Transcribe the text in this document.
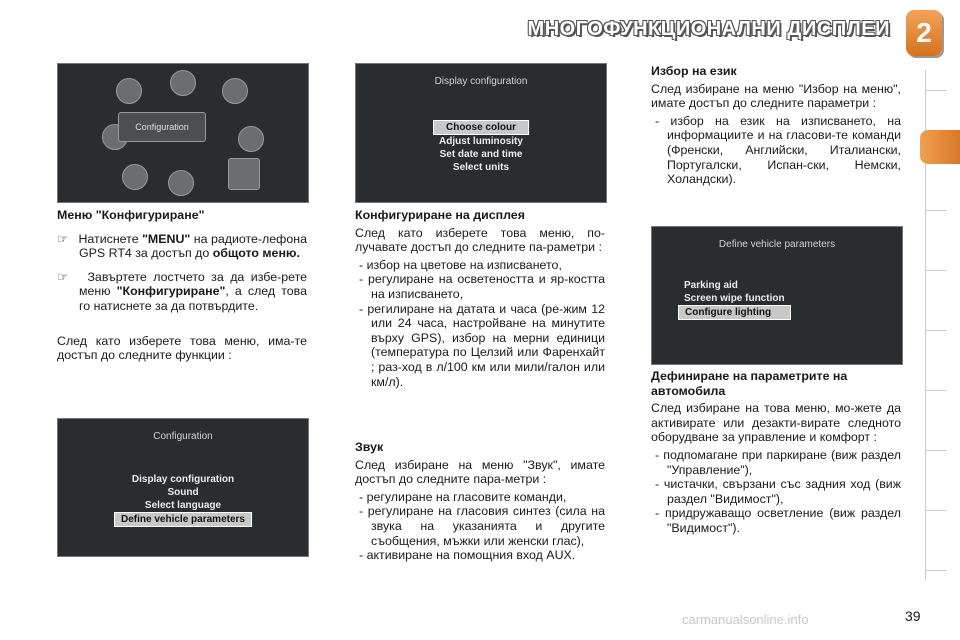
МНОГОФУНКЦИОНАЛНИ ДИСПЛЕИ 2
Configuration
Display configuration
Choose colour
Adjust luminosity
Set date and time
Select units
Configuration
Display configuration
Sound
Select language
Define vehicle parameters
Define vehicle parameters
Parking aid
Screen wipe function
Configure lighting
Меню "Конфигуриране"

☞ Натиснете "MENU" на радиоте-лефона GPS RT4 за достъп до общото меню.

☞ Завъртете лостчето за да избе-рете меню "Конфигуриране", а след това го натиснете за да потвърдите.

След като изберете това меню, има-те достъп до следните функции :

Конфигуриране на дисплея

След като изберете това меню, по-лучавате достъп до следните па-раметри :

- избор на цветове на изписването,

- регулиране на осветеността и яр-костта на изписването,

- регилиране на датата и часа (ре-жим 12 или 24 часа, настройване на минутите върху GPS), избор на мерни единици (температура по Целзий или Фаренхайт ; раз-ход в л/100 км или мили/галон или км/л).

Звук

След избиране на меню "Звук", имате достъп до следните пара-метри :

- регулиране на гласовите команди,

- регулиране на гласовия синтез (сила на звука на указанията и другите съобщения, мъжки или женски глас),

- активиране на помощния вход AUX.

Избор на език

След избиране на меню "Избор на меню", имате достъп до следните параметри :

- избор на език на изписването, на информациите и на гласови-те команди (Френски, Английски, Италиански, Португалски, Испан-ски, Немски, Холандски).

Дефиниране на параметрите на автомобила

След избиране на това меню, мо-жете да активирате или дезакти-вирате следното оборудване за управление и комфорт :

- подпомагане при паркиране (виж раздел "Управление"),

- чистачки, свързани със задния ход (виж раздел "Видимост"),

- придружаващо осветление (виж раздел "Видимост").

carmanualsonline.info	39
